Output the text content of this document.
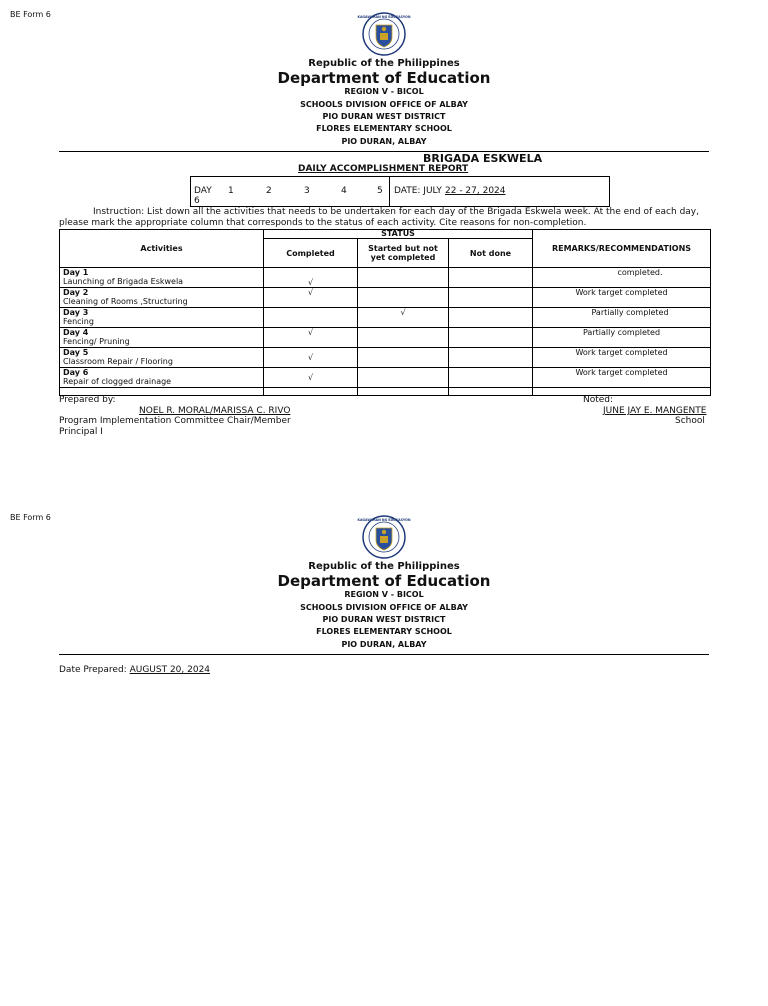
BE Form 6	KAGAWARAN NG EDUKASYON
Republic of the Philippines
Department of Education
REGION V - BICOL
SCHOOLS DIVISION OFFICE OF ALBAY
PIO DURAN WEST DISTRICT
FLORES ELEMENTARY SCHOOL
PIO DURAN, ALBAY
BRIGADA ESKWELA
DAILY ACCOMPLISHMENT REPORT
DAY 1	2	3	4	5
6
DATE: JULY 22 - 27, 2024
Instruction: List down all the activities that needs to be undertaken for each day of the Brigada Eskwela week. At the end of each day,
please mark the appropriate column that corresponds to the status of each activity. Cite reasons for non-completion.
Activities	STATUS			REMARKS/RECOMMENDATIONS
	Completed	Started but not yet completed	Not done	

Day 1
Launching of Brigada Eskwela	√			completed.

Day 2
Cleaning of Rooms ,Structuring	√			Work target completed

Day 3
Fencing		√		Partially completed

Day 4
Fencing/ Pruning	√			Partially completed

Day 5
Classroom Repair / Flooring	√			Work target completed

Day 6
Repair of clogged drainage	√			Work target completed

Prepared by:
NOEL R. MORAL/MARISSA C. RIVO
Program Implementation Committee Chair/Member
Principal I
Noted:
JUNE JAY E. MANGENTE
School
BE Form 6	KAGAWARAN NG EDUKASYON
Republic of the Philippines
Department of Education
REGION V - BICOL
SCHOOLS DIVISION OFFICE OF ALBAY
PIO DURAN WEST DISTRICT
FLORES ELEMENTARY SCHOOL
PIO DURAN, ALBAY
Date Prepared: AUGUST 20, 2024
